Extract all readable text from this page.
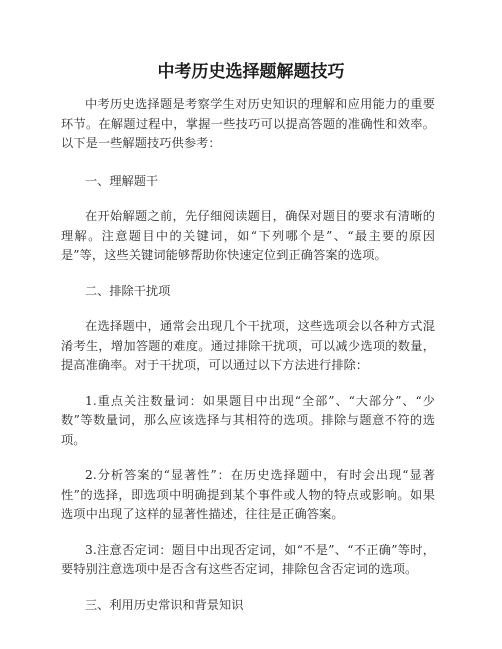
中考历史选择题解题技巧

中考历史选择题是考察学生对历史知识的理解和应用能力的重要环节。在解题过程中，掌握一些技巧可以提高答题的准确性和效率。以下是一些解题技巧供参考：

一、理解题干

在开始解题之前，先仔细阅读题目，确保对题目的要求有清晰的理解。注意题目中的关键词，如“下列哪个是”、“最主要的原因是”等，这些关键词能够帮助你快速定位到正确答案的选项。

二、排除干扰项

在选择题中，通常会出现几个干扰项，这些选项会以各种方式混淆考生，增加答题的难度。通过排除干扰项，可以减少选项的数量，提高准确率。对于干扰项，可以通过以下方法进行排除：

1.重点关注数量词：如果题目中出现“全部”、“大部分”、“少数”等数量词，那么应该选择与其相符的选项。排除与题意不符的选项。

2.分析答案的“显著性”：在历史选择题中，有时会出现“显著性”的选择，即选项中明确提到某个事件或人物的特点或影响。如果选项中出现了这样的显著性描述，往往是正确答案。

3.注意否定词：题目中出现否定词，如“不是”、“不正确”等时，要特别注意选项中是否含有这些否定词，排除包含否定词的选项。

三、利用历史常识和背景知识
